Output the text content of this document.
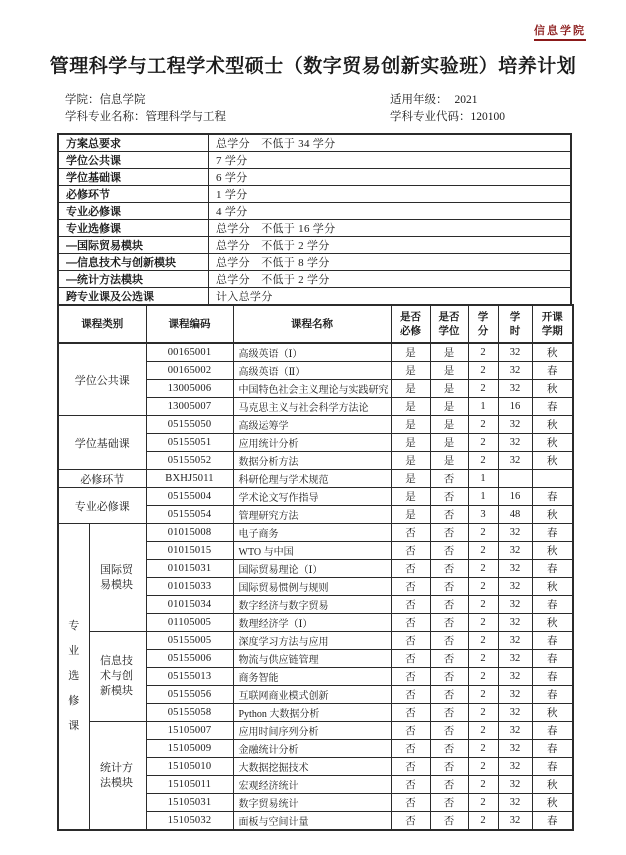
信息学院
管理科学与工程学术型硕士（数字贸易创新实验班）培养计划
学院：信息学院	适用年级： 2021
学科专业名称：管理科学与工程	学科专业代码：120100
方案总要求	总学分　不低于 34 学分
学位公共课	7 学分
学位基础课	6 学分
必修环节	1 学分
专业必修课	4 学分
专业选修课	总学分　不低于 16 学分
—国际贸易模块	总学分　不低于 2 学分
—信息技术与创新模块	总学分　不低于 8 学分
—统计方法模块	总学分　不低于 2 学分
跨专业课及公选课	计入总学分
课程类别		课程编码	课程名称	是否必修	是否学位	学分	学时	开课学期
学位公共课		00165001	高级英语（Ⅰ）	是	是	2	32	秋
		00165002	高级英语（Ⅱ）	是	是	2	32	春
		13005006	中国特色社会主义理论与实践研究	是	是	2	32	秋
		13005007	马克思主义与社会科学方法论	是	是	1	16	春
学位基础课		05155050	高级运筹学	是	是	2	32	秋
		05155051	应用统计分析	是	是	2	32	秋
		05155052	数据分析方法	是	是	2	32	秋
必修环节		BXHJ5011	科研伦理与学术规范	是	否	1		
专业必修课		05155004	学术论文写作指导	是	否	1	16	春
		05155054	管理研究方法	是	否	3	48	秋
专业选修课	国际贸易模块	01015008	电子商务	否	否	2	32	春
		01015015	WTO 与中国	否	否	2	32	秋
		01015031	国际贸易理论（Ⅰ）	否	否	2	32	春
		01015033	国际贸易惯例与规则	否	否	2	32	秋
		01015034	数字经济与数字贸易	否	否	2	32	春
		01105005	数理经济学（Ⅰ）	否	否	2	32	秋
	信息技术与创新模块	05155005	深度学习方法与应用	否	否	2	32	春
		05155006	物流与供应链管理	否	否	2	32	春
		05155013	商务智能	否	否	2	32	春
		05155056	互联网商业模式创新	否	否	2	32	春
		05155058	Python 大数据分析	否	否	2	32	秋
	统计方法模块	15105007	应用时间序列分析	否	否	2	32	春
		15105009	金融统计分析	否	否	2	32	春
		15105010	大数据挖掘技术	否	否	2	32	春
		15105011	宏观经济统计	否	否	2	32	秋
		15105031	数字贸易统计	否	否	2	32	秋
		15105032	面板与空间计量	否	否	2	32	春
